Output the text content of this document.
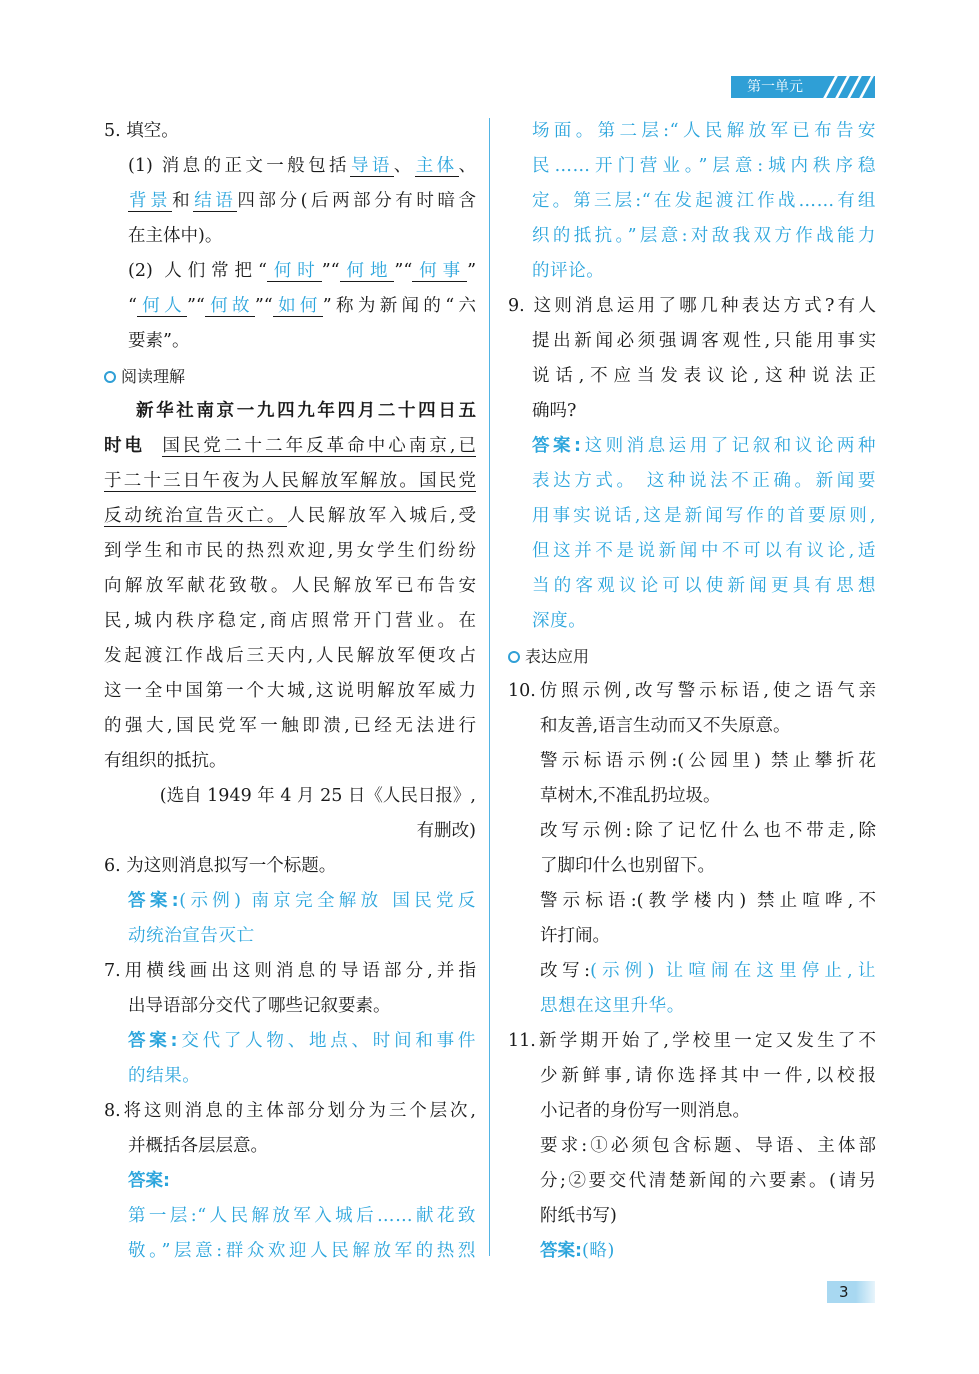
第一单元
5. 填空。
(1) 消息的正文一般包括导语、主体、
背景和结语四部分(后两部分有时暗含
在主体中)。
(2) 人们常把“何时”“何地”“何事”
“何人”“何故”“如何”称为新闻的“六
要素”。
阅读理解
新华社南京一九四九年四月二十四日五
时电 国民党二十二年反革命中心南京,已
于二十三日午夜为人民解放军解放。国民党
反动统治宣告灭亡。人民解放军入城后,受
到学生和市民的热烈欢迎,男女学生们纷纷
向解放军献花致敬。人民解放军已布告安
民,城内秩序稳定,商店照常开门营业。在
发起渡江作战后三天内,人民解放军便攻占
这一全中国第一个大城,这说明解放军威力
的强大,国民党军一触即溃,已经无法进行
有组织的抵抗。
(选自 1949 年 4 月 25 日《人民日报》,
有删改)
6. 为这则消息拟写一个标题。
答案:(示例) 南京完全解放 国民党反
动统治宣告灭亡
7.用横线画出这则消息的导语部分,并指
出导语部分交代了哪些记叙要素。
答案:交代了人物、地点、时间和事件
的结果。
8.将这则消息的主体部分划分为三个层次,
并概括各层层意。
答案:
第一层:“人民解放军入城后……献花致
敬。”层意:群众欢迎人民解放军的热烈
场面。第二层:“人民解放军已布告安
民……开门营业。”层意:城内秩序稳
定。第三层:“在发起渡江作战……有组
织的抵抗。”层意:对敌我双方作战能力
的评论。
9. 这则消息运用了哪几种表达方式?有人
提出新闻必须强调客观性,只能用事实
说话,不应当发表议论,这种说法正
确吗?
答案:这则消息运用了记叙和议论两种
表达方式。 这种说法不正确。新闻要
用事实说话,这是新闻写作的首要原则,
但这并不是说新闻中不可以有议论,适
当的客观议论可以使新闻更具有思想
深度。
表达应用
10.仿照示例,改写警示标语,使之语气亲
和友善,语言生动而又不失原意。
警示标语示例:(公园里) 禁止攀折花
草树木,不准乱扔垃圾。
改写示例:除了记忆什么也不带走,除
了脚印什么也别留下。
警示标语:(教学楼内) 禁止喧哗,不
许打闹。
改写:(示例) 让喧闹在这里停止,让
思想在这里升华。
11.新学期开始了,学校里一定又发生了不
少新鲜事,请你选择其中一件,以校报
小记者的身份写一则消息。
要求:①必须包含标题、导语、主体部
分;②要交代清楚新闻的六要素。(请另
附纸书写)
答案:(略)
3
